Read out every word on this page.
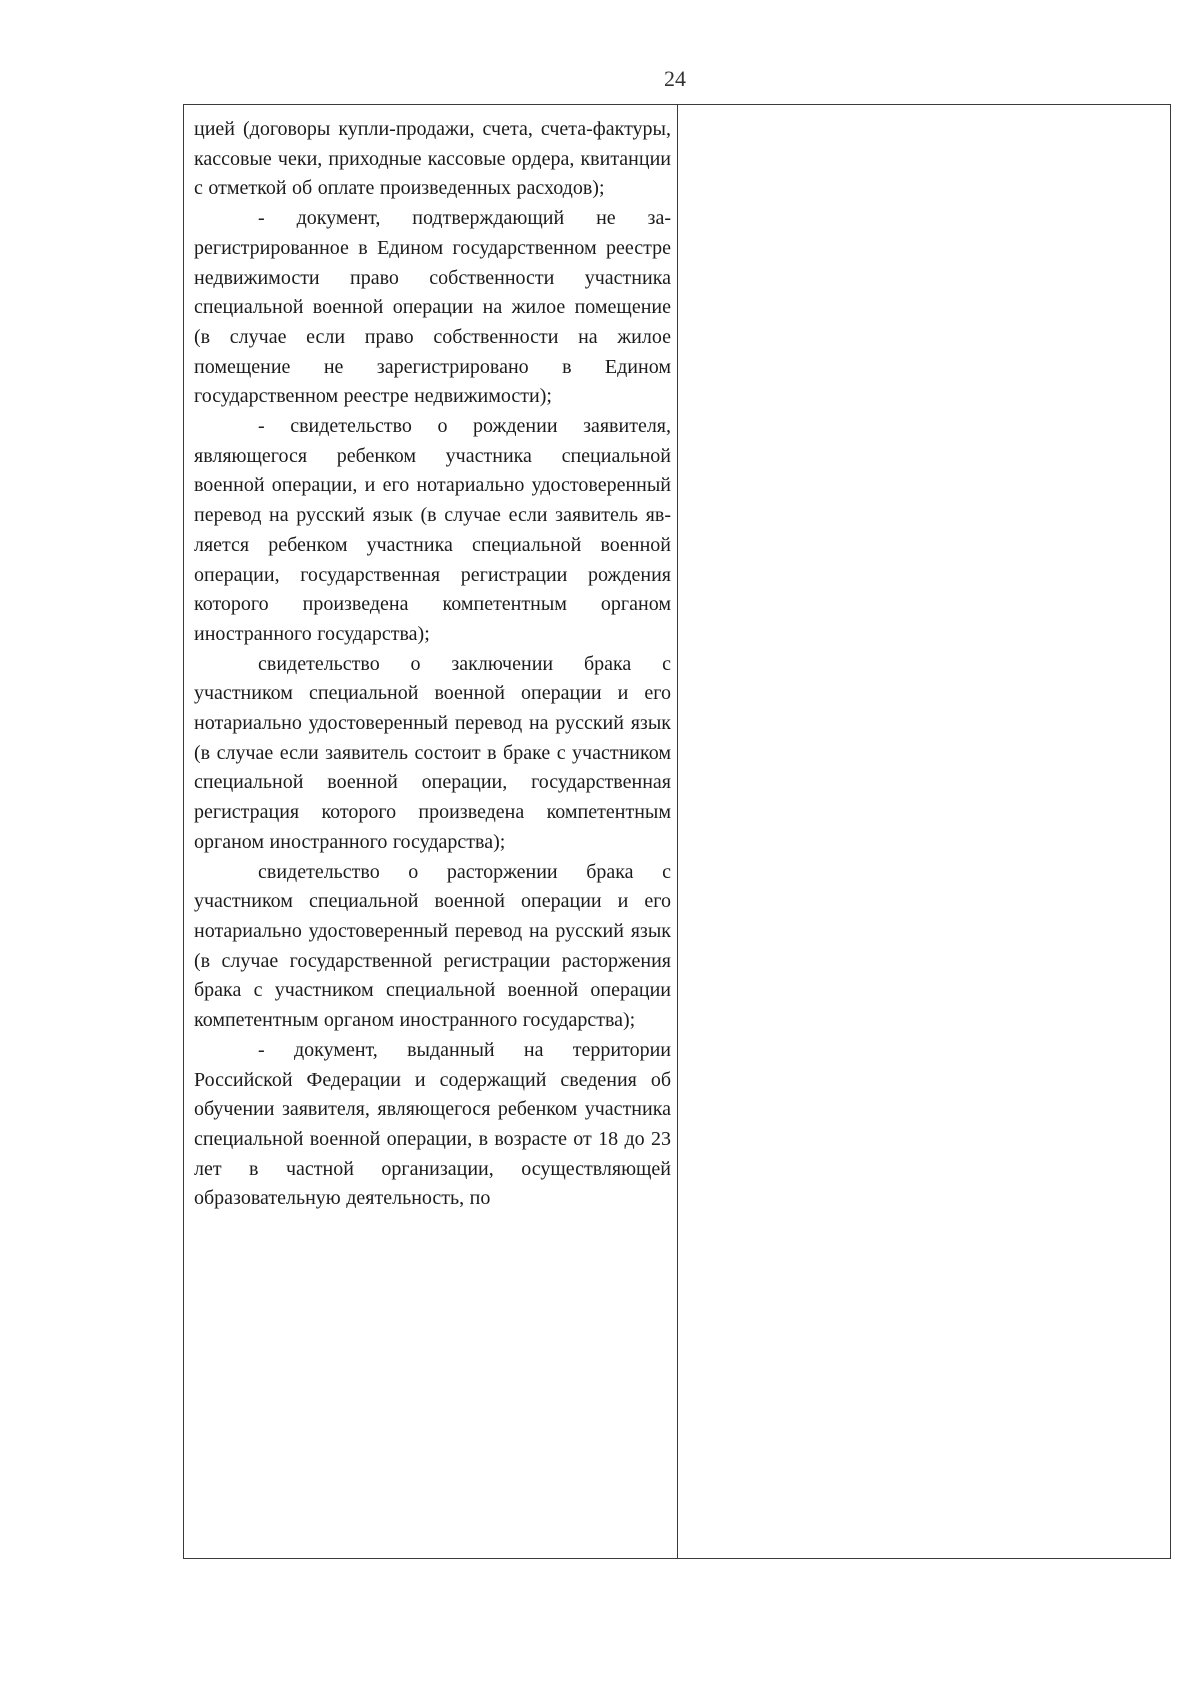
24

цией (договоры купли-продажи, счета, счета-фактуры, кассовые чеки, приходные кассовые ордера, квитанции с отметкой об оплате произведенных расходов);

- документ, подтверждающий не зарегистрированное в Едином государственном реестре недвижимости право собственности участника специальной военной операции на жилое помещение (в случае если право собственности на жилое помещение не зарегистрировано в Едином государственном реестре недвижимости);

- свидетельство о рождении заявителя, являющегося ребенком участника специальной военной операции, и его нотариально удостоверенный перевод на русский язык (в случае если заявитель является ребенком участника специальной военной операции, государственная регистрации рождения которого произведена компетентным органом иностранного государства);

свидетельство о заключении брака с участником специальной военной операции и его нотариально удостоверенный перевод на русский язык (в случае если заявитель состоит в браке с участником специальной военной операции, государственная регистрация которого произведена компетентным органом иностранного государства);

свидетельство о расторжении брака с участником специальной военной операции и его нотариально удостоверенный перевод на русский язык (в случае государственной регистрации расторжения брака с участником специальной военной операции компетентным органом иностранного государства);

- документ, выданный на территории Российской Федерации и содержащий сведения об обучении заявителя, являющегося ребенком участника специальной военной операции, в возрасте от 18 до 23 лет в частной организации, осуществляющей образовательную деятельность, по
